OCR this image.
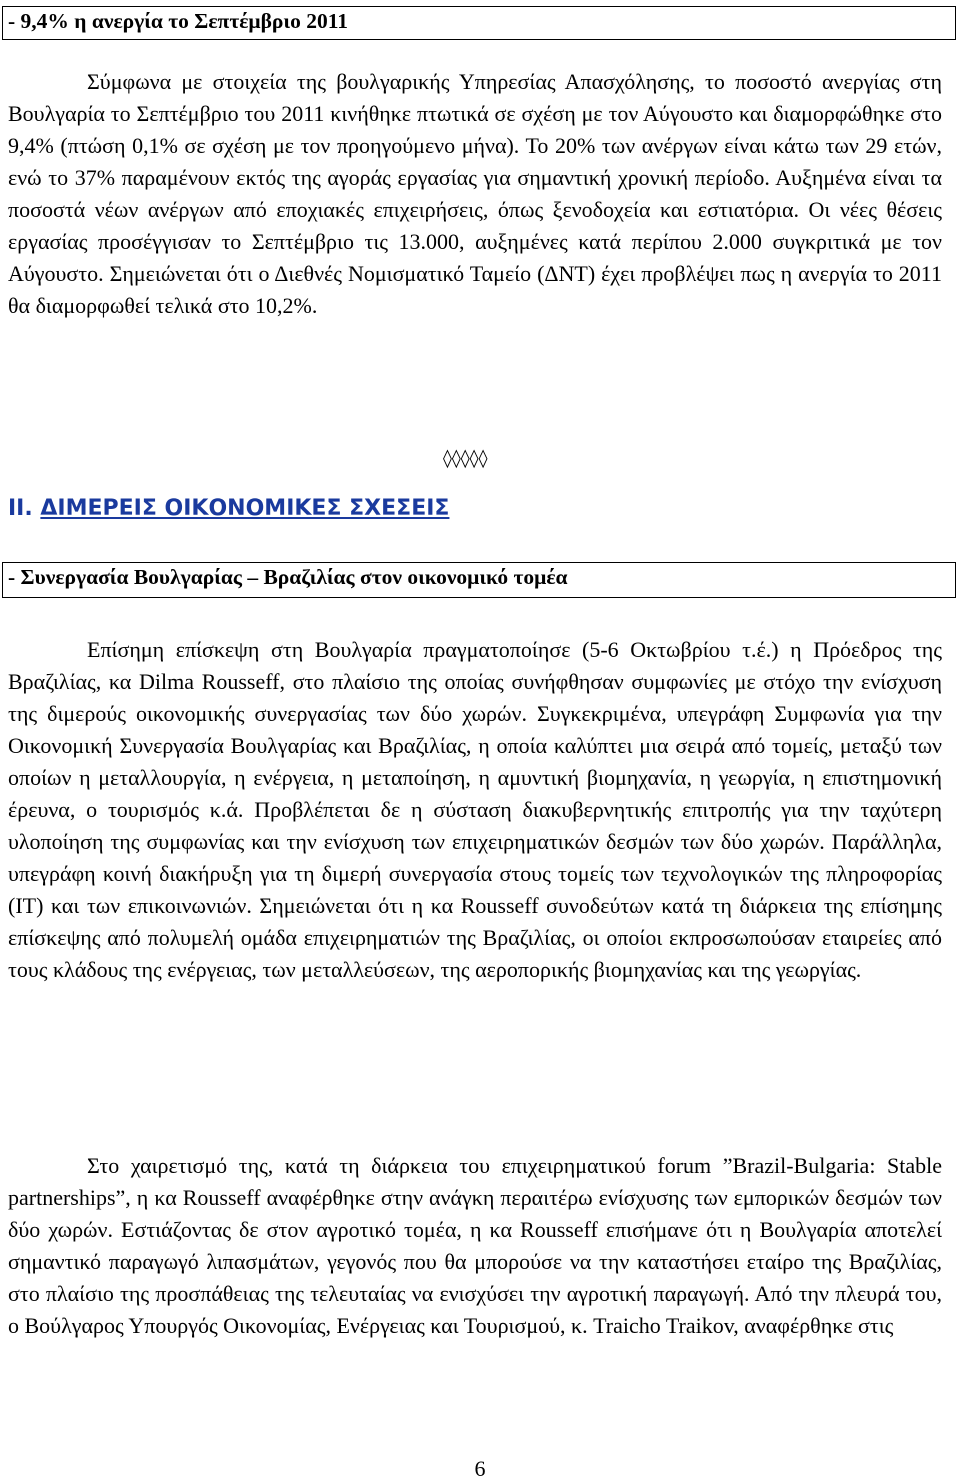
- 9,4% η ανεργία το Σεπτέμβριο 2011

Σύμφωνα με στοιχεία της βουλγαρικής Υπηρεσίας Απασχόλησης, το ποσοστό ανεργίας στη Βουλγαρία το Σεπτέμβριο του 2011 κινήθηκε πτωτικά σε σχέση με τον Αύγουστο και διαμορφώθηκε στο 9,4% (πτώση 0,1% σε σχέση με τον προηγούμενο μήνα). Το 20% των ανέργων είναι κάτω των 29 ετών, ενώ το 37% παραμένουν εκτός της αγοράς εργασίας για σημαντική χρονική περίοδο. Αυξημένα είναι τα ποσοστά νέων ανέργων από εποχιακές επιχειρήσεις, όπως ξενοδοχεία και εστιατόρια. Οι νέες θέσεις εργασίας προσέγγισαν το Σεπτέμβριο τις 13.000, αυξημένες κατά περίπου 2.000 συγκριτικά με τον Αύγουστο. Σημειώνεται ότι ο Διεθνές Νομισματικό Ταμείο (ΔΝΤ) έχει προβλέψει πως η ανεργία το 2011 θα διαμορφωθεί τελικά στο 10,2%.

◊◊◊◊◊
II. ΔΙΜΕΡΕΙΣ ΟΙΚΟΝΟΜΙΚΕΣ ΣΧΕΣΕΙΣ
- Συνεργασία Βουλγαρίας – Βραζιλίας στον οικονομικό τομέα

Επίσημη επίσκεψη στη Βουλγαρία πραγματοποίησε (5-6 Οκτωβρίου τ.έ.) η Πρόεδρος της Βραζιλίας, κα Dilma Rousseff, στο πλαίσιο της οποίας συνήφθησαν συμφωνίες με στόχο την ενίσχυση της διμερούς οικονομικής συνεργασίας των δύο χωρών. Συγκεκριμένα, υπεγράφη Συμφωνία για την Οικονομική Συνεργασία Βουλγαρίας και Βραζιλίας, η οποία καλύπτει μια σειρά από τομείς, μεταξύ των οποίων η μεταλλουργία, η ενέργεια, η μεταποίηση, η αμυντική βιομηχανία, η γεωργία, η επιστημονική έρευνα, ο τουρισμός κ.ά. Προβλέπεται δε η σύσταση διακυβερνητικής επιτροπής για την ταχύτερη υλοποίηση της συμφωνίας και την ενίσχυση των επιχειρηματικών δεσμών των δύο χωρών. Παράλληλα, υπεγράφη κοινή διακήρυξη για τη διμερή συνεργασία στους τομείς των τεχνολογικών της πληροφορίας (IT) και των επικοινωνιών. Σημειώνεται ότι η κα Rousseff συνοδεύτων κατά τη διάρκεια της επίσημης επίσκεψης από πολυμελή ομάδα επιχειρηματιών της Βραζιλίας, οι οποίοι εκπροσωπούσαν εταιρείες από τους κλάδους της ενέργειας, των μεταλλεύσεων, της αεροπορικής βιομηχανίας και της γεωργίας.

Στο χαιρετισμό της, κατά τη διάρκεια του επιχειρηματικού forum ”Brazil-Bulgaria: Stable partnerships”, η κα Rousseff αναφέρθηκε στην ανάγκη περαιτέρω ενίσχυσης των εμπορικών δεσμών των δύο χωρών. Εστιάζοντας δε στον αγροτικό τομέα, η κα Rousseff επισήμανε ότι η Βουλγαρία αποτελεί σημαντικό παραγωγό λιπασμάτων, γεγονός που θα μπορούσε να την καταστήσει εταίρο της Βραζιλίας, στο πλαίσιο της προσπάθειας της τελευταίας να ενισχύσει την αγροτική παραγωγή. Από την πλευρά του, ο Βούλγαρος Υπουργός Οικονομίας, Ενέργειας και Τουρισμού, κ. Traicho Traikov, αναφέρθηκε στις

6
